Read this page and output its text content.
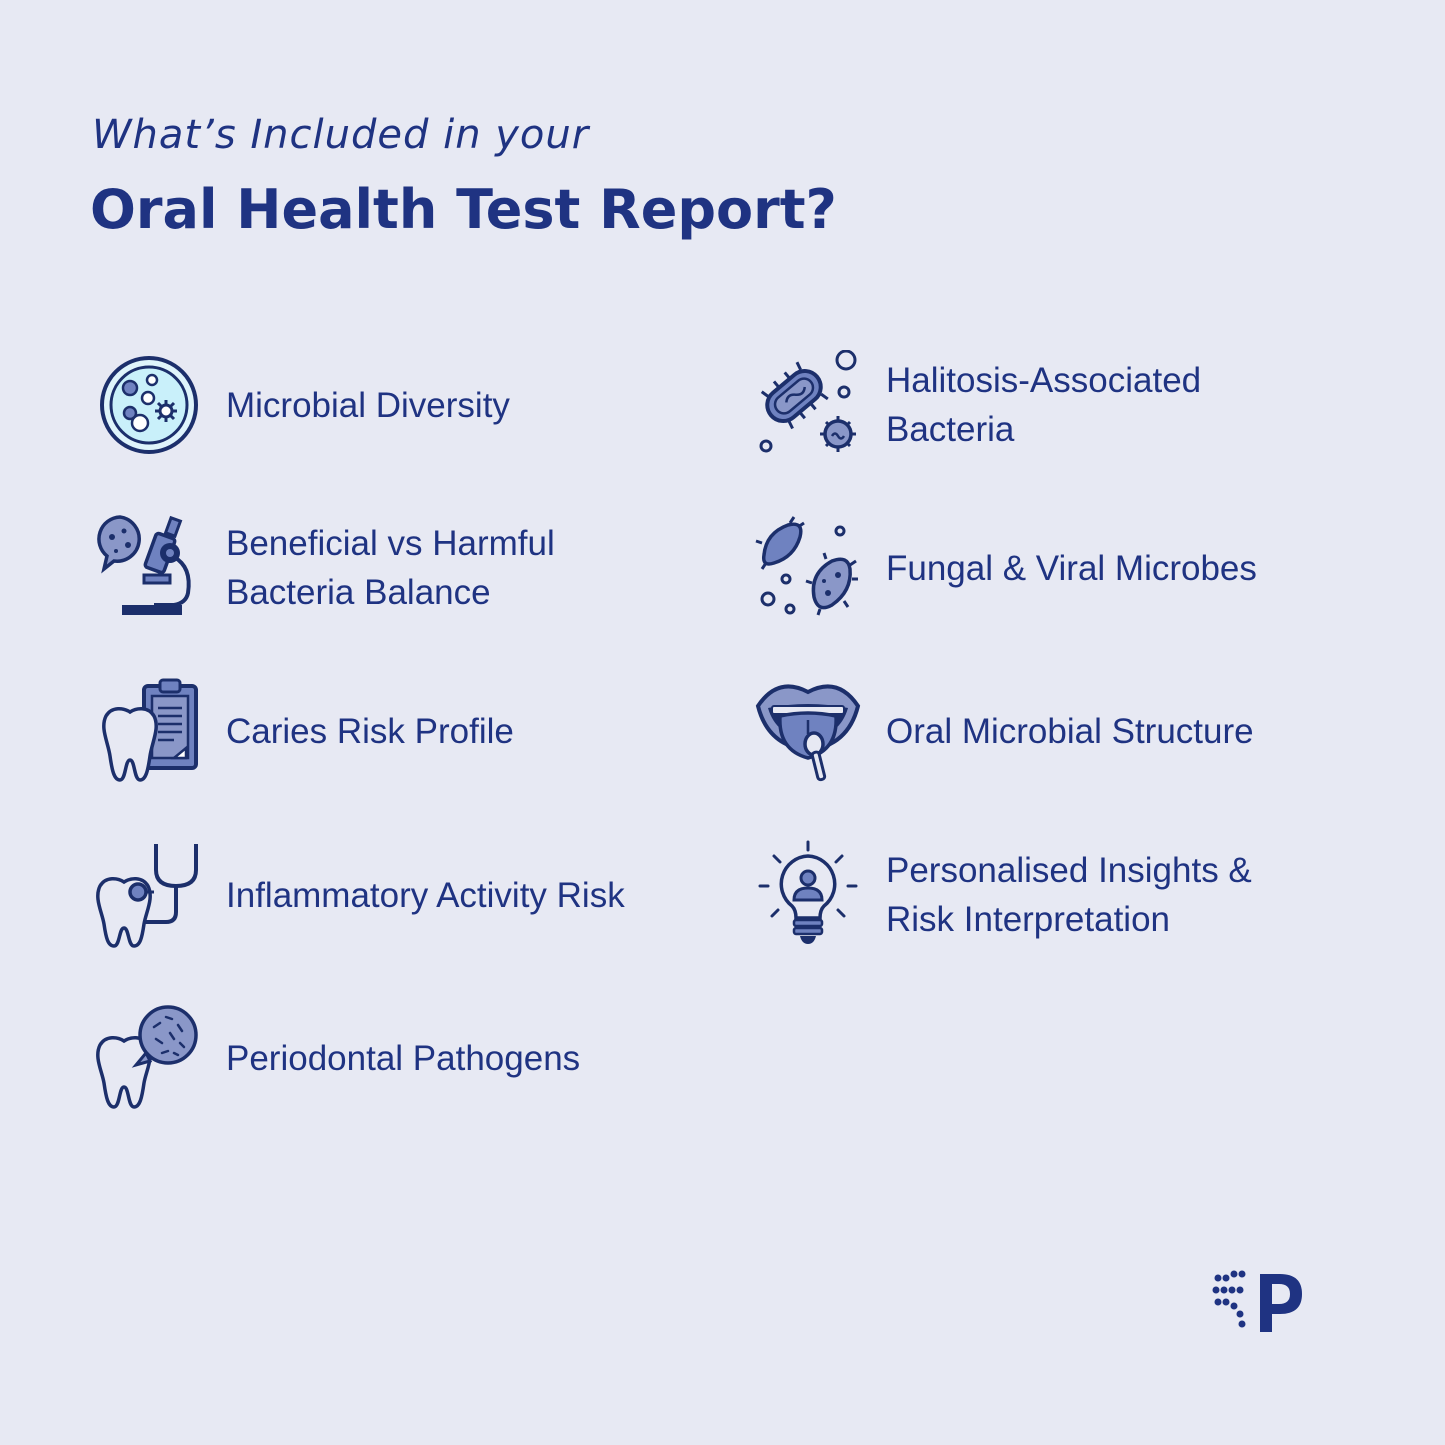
What’s Included in your
Oral Health Test Report?
Microbial Diversity
Beneficial vs Harmful
Bacteria Balance
Caries Risk Profile
Inflammatory Activity Risk
Periodontal Pathogens
Halitosis-Associated
Bacteria
Fungal & Viral Microbes
Oral Microbial Structure
Personalised Insights &
Risk Interpretation
